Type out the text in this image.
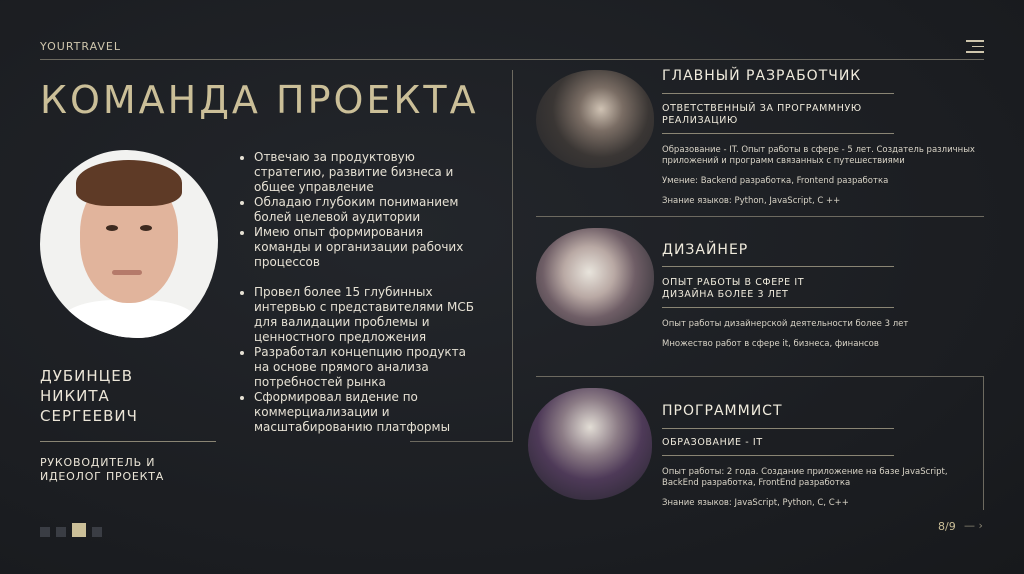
YOURTRAVEL
КОМАНДА ПРОЕКТА
ДУБИНЦЕВ
НИКИТА
СЕРГЕЕВИЧ
РУКОВОДИТЕЛЬ И
ИДЕОЛОГ ПРОЕКТА
• Отвечаю за продуктовую стратегию, развитие бизнеса и общее управление
• Обладаю глубоким пониманием болей целевой аудитории
• Имею опыт формирования команды и организации рабочих процессов
• Провел более 15 глубинных интервью с представителями МСБ для валидации проблемы и ценностного предложения
• Разработал концепцию продукта на основе прямого анализа потребностей рынка
• Сформировал видение по коммерциализации и масштабированию платформы
ГЛАВНЫЙ РАЗРАБОТЧИК
ОТВЕТСТВЕННЫЙ ЗА ПРОГРАММНУЮ
РЕАЛИЗАЦИЮ
Образование - IT. Опыт работы в сфере - 5 лет. Создатель различных приложений и программ связанных с путешествиями
Умение: Backend разработка, Frontend разработка
Знание языков: Python, JavaScript, C ++
ДИЗАЙНЕР
ОПЫТ РАБОТЫ В СФЕРЕ IT
ДИЗАЙНА БОЛЕЕ 3 ЛЕТ
Опыт работы дизайнерской деятельности более 3 лет
Множество работ в сфере it, бизнеса, финансов
ПРОГРАММИСТ
ОБРАЗОВАНИЕ - IT
Опыт работы: 2 года. Создание приложение на базе JavaScript, BackEnd разработка, FrontEnd разработка
Знание языков: JavaScript, Python, C, C++
8/9 — ›
